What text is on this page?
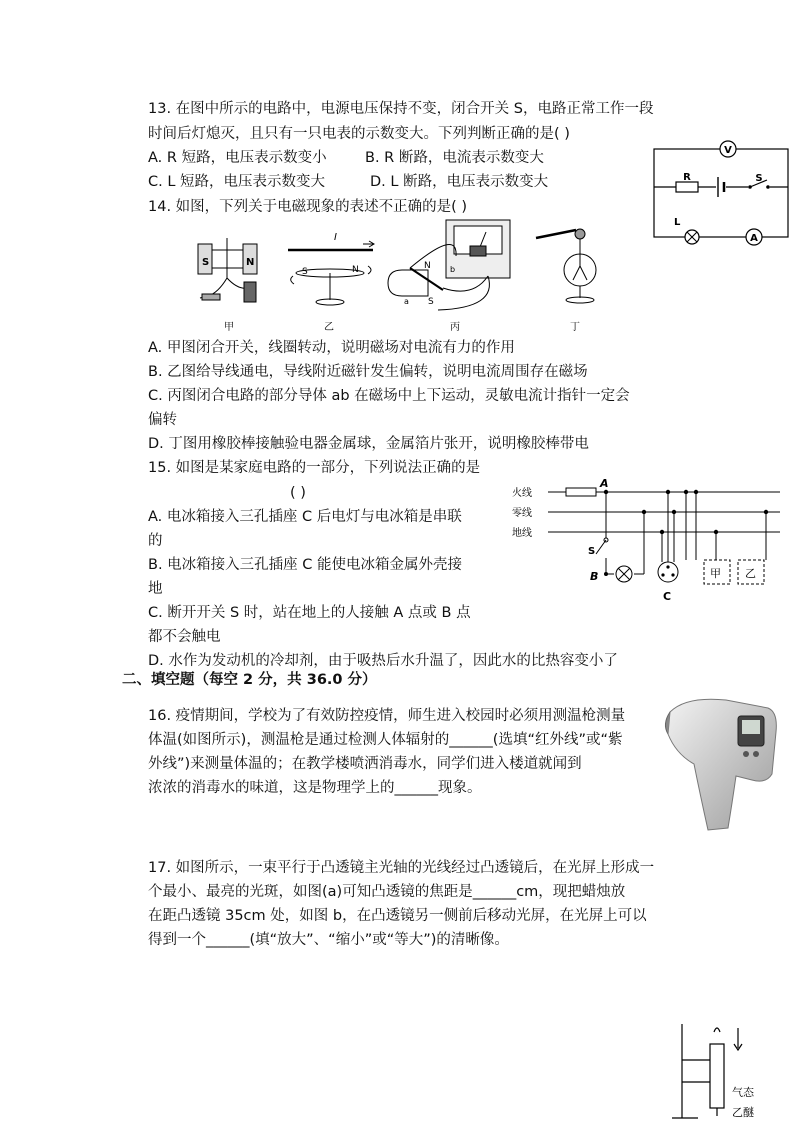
13. 在图中所示的电路中，电源电压保持不变，闭合开关 S，电路正常工作一段
时间后灯熄灭，且只有一只电表的示数变大。下列判断正确的是( )
A. R 短路，电压表示数变小	B. R 断路，电流表示数变大
C. L 短路，电压表示数变大	D. L 断路，电压表示数变大
V
R	S
L
A
14. 如图，下列关于电磁现象的表述不正确的是( )
S	N
甲
I
S	N
乙
N
S
a
b
丙	丁
A. 甲图闭合开关，线圈转动，说明磁场对电流有力的作用
B. 乙图给导线通电，导线附近磁针发生偏转，说明电流周围存在磁场
C. 丙图闭合电路的部分导体 ab 在磁场中上下运动，灵敏电流计指针一定会
偏转
D. 丁图用橡胶棒接触验电器金属球，金属箔片张开，说明橡胶棒带电
15. 如图是某家庭电路的一部分，下列说法正确的是
( )
A. 电冰箱接入三孔插座 C 后电灯与电冰箱是串联
的
B. 电冰箱接入三孔插座 C 能使电冰箱金属外壳接
地
C. 断开开关 S 时，站在地上的人接触 A 点或 B 点
都不会触电
D. 水作为发动机的冷却剂，由于吸热后水升温了，因此水的比热容变小了
火线
零线
地线
A
B
S
C
甲 乙
二、填空题（每空 2 分，共 36.0 分）
16. 疫情期间，学校为了有效防控疫情，师生进入校园时必须用测温枪测量
体温(如图所示)，测温枪是通过检测人体辐射的______(选填“红外线”或“紫
外线”)来测量体温的；在教学楼喷洒消毒水，同学们进入楼道就闻到
浓浓的消毒水的味道，这是物理学上的______现象。
17. 如图所示，一束平行于凸透镜主光轴的光线经过凸透镜后，在光屏上形成一
个最小、最亮的光斑，如图(a)可知凸透镜的焦距是______cm，现把蜡烛放
在距凸透镜 35cm 处，如图 b，在凸透镜另一侧前后移动光屏，在光屏上可以
得到一个______(填“放大”、“缩小”或“等大”)的清晰像。
气态
乙醚
